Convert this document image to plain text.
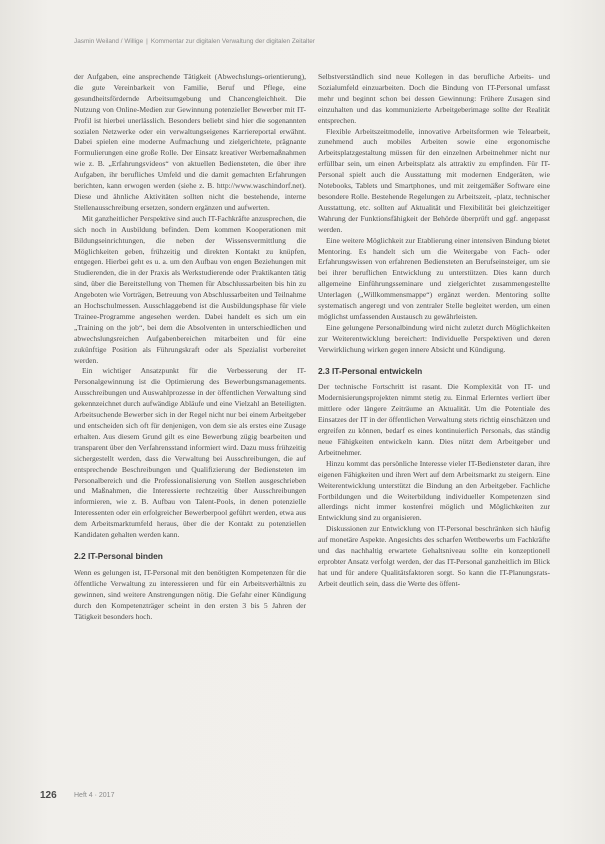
Jasmin Weiland / Willige | Kommentar zur digitalen Verwaltung der digitalen Zeitalter

der Aufgaben, eine ansprechende Tätigkeit (Abwechslungs-orientierung), die gute Vereinbarkeit von Familie, Beruf und Pflege, eine gesundheitsfördernde Arbeitsumgebung und Chancengleichheit. Die Nutzung von Online-Medien zur Gewinnung potenzieller Bewerber mit IT-Profil ist hierbei unerlässlich. Besonders beliebt sind hier die sogenannten sozialen Netzwerke oder ein verwaltungseigenes Karriereportal erwähnt. Dabei spielen eine moderne Aufmachung und zielgerichtete, prägnante Formulierungen eine große Rolle. Der Einsatz kreativer Werbemaßnahmen wie z. B. „Erfahrungsvideos“ von aktuellen Bediensteten, die über ihre Aufgaben, ihr berufliches Umfeld und die damit gemachten Erfahrungen berichten, kann erwogen werden (siehe z. B. http://www.waschindorf.net). Diese und ähnliche Aktivitäten sollten nicht die bestehende, interne Stellenausschreibung ersetzen, sondern ergänzen und aufwerten.

Mit ganzheitlicher Perspektive sind auch IT-Fachkräfte anzusprechen, die sich noch in Ausbildung befinden. Dem kommen Kooperationen mit Bildungseinrichtungen, die neben der Wissensvermittlung die Möglichkeiten geben, frühzeitig und direkten Kontakt zu knüpfen, entgegen. Hierbei geht es u. a. um den Aufbau von engen Beziehungen mit Studierenden, die in der Praxis als Werkstudierende oder Praktikanten tätig sind, über die Bereitstellung von Themen für Abschlussarbeiten bis hin zu Angeboten wie Vorträgen, Betreuung von Abschlussarbeiten und Teilnahme an Hochschulmessen. Ausschlaggebend ist die Ausbildungsphase für viele Trainee-Programme angesehen werden. Dabei handelt es sich um ein „Training on the job“, bei dem die Absolventen in unterschiedlichen und abwechslungsreichen Aufgabenbereichen mitarbeiten und für eine zukünftige Position als Führungskraft oder als Spezialist vorbereitet werden.

Ein wichtiger Ansatzpunkt für die Verbesserung der IT-Personalgewinnung ist die Optimierung des Bewerbungsmanagements. Ausschreibungen und Auswahlprozesse in der öffentlichen Verwaltung sind gekennzeichnet durch aufwändige Abläufe und eine Vielzahl an Beteiligten. Arbeitsuchende Bewerber sich in der Regel nicht nur bei einem Arbeitgeber und entscheiden sich oft für denjenigen, von dem sie als erstes eine Zusage erhalten. Aus diesem Grund gilt es eine Bewerbung zügig bearbeiten und transparent über den Verfahrensstand informiert wird. Dazu muss frühzeitig sichergestellt werden, dass die Verwaltung bei Ausschreibungen, die auf entsprechende Beschreibungen und Qualifizierung der Bediensteten im Personalbereich und die Professionalisierung von Stellen ausgeschrieben und Maßnahmen, die Interessierte rechtzeitig über Ausschreibungen informieren, wie z. B. Aufbau von Talent-Pools, in denen potenzielle Interessenten oder ein erfolgreicher Bewerberpool geführt werden, etwa aus dem Arbeitsmarktumfeld heraus, über die der Kontakt zu potenziellen Kandidaten gehalten werden kann.

2.2 IT-Personal binden

Wenn es gelungen ist, IT-Personal mit den benötigten Kompetenzen für die öffentliche Verwaltung zu interessieren und für ein Arbeitsverhältnis zu gewinnen, sind weitere Anstrengungen nötig. Die Gefahr einer Kündigung durch den Kompetenzträger scheint in den ersten 3 bis 5 Jahren der Tätigkeit besonders hoch.

Selbstverständlich sind neue Kollegen in das berufliche Arbeits- und Sozialumfeld einzuarbeiten. Doch die Bindung von IT-Personal umfasst mehr und beginnt schon bei dessen Gewinnung: Frühere Zusagen sind einzuhalten und das kommunizierte Arbeitgeberimage sollte der Realität entsprechen.

Flexible Arbeitszeitmodelle, innovative Arbeitsformen wie Telearbeit, zunehmend auch mobiles Arbeiten sowie eine ergonomische Arbeitsplatzgestaltung müssen für den einzelnen Arbeitnehmer nicht nur erfüllbar sein, um einen Arbeitsplatz als attraktiv zu empfinden. Für IT-Personal spielt auch die Ausstattung mit modernen Endgeräten, wie Notebooks, Tablets und Smartphones, und mit zeitgemäßer Software eine besondere Rolle. Bestehende Regelungen zu Arbeitszeit, -platz, technischer Ausstattung, etc. sollten auf Aktualität und Flexibilität bei gleichzeitiger Wahrung der Funktionsfähigkeit der Behörde überprüft und ggf. angepasst werden.

Eine weitere Möglichkeit zur Etablierung einer intensiven Bindung bietet Mentoring. Es handelt sich um die Weitergabe von Fach- oder Erfahrungswissen von erfahrenen Bediensteten an Berufseinsteiger, um sie bei ihrer beruflichen Entwicklung zu unterstützen. Dies kann durch allgemeine Einführungsseminare und zielgerichtet zusammengestellte Unterlagen („Willkommensmappe“) ergänzt werden. Mentoring sollte systematisch angeregt und von zentraler Stelle begleitet werden, um einen möglichst umfassenden Austausch zu gewährleisten.

Eine gelungene Personalbindung wird nicht zuletzt durch Möglichkeiten zur Weiterentwicklung bereichert: Individuelle Perspektiven und deren Verwirklichung wirken gegen innere Absicht und Kündigung.

2.3 IT-Personal entwickeln

Der technische Fortschritt ist rasant. Die Komplexität von IT- und Modernisierungsprojekten nimmt stetig zu. Einmal Erlerntes verliert über mittlere oder längere Zeiträume an Aktualität. Um die Potentiale des Einsatzes der IT in der öffentlichen Verwaltung stets richtig einschätzen und ergreifen zu können, bedarf es eines kontinuierlich Personals, das ständig neue Fähigkeiten entwickeln kann. Dies nützt dem Arbeitgeber und Arbeitnehmer.

Hinzu kommt das persönliche Interesse vieler IT-Bediensteter daran, ihre eigenen Fähigkeiten und ihren Wert auf dem Arbeitsmarkt zu steigern. Eine Weiterentwicklung unterstützt die Bindung an den Arbeitgeber. Fachliche Fortbildungen und die Weiterbildung individueller Kompetenzen sind allerdings nicht immer kostenfrei möglich und Möglichkeiten zur Entwicklung sind zu organisieren.

Diskussionen zur Entwicklung von IT-Personal beschränken sich häufig auf monetäre Aspekte. Angesichts des scharfen Wettbewerbs um Fachkräfte und das nachhaltig erwartete Gehaltsniveau sollte ein konzeptionell erprobter Ansatz verfolgt werden, der das IT-Personal ganzheitlich im Blick hat und für andere Qualitätsfaktoren sorgt. So kann die IT-Planungsrats-Arbeit deutlich sein, dass die Werte des öffent-

126 Heft 4 · 2017
